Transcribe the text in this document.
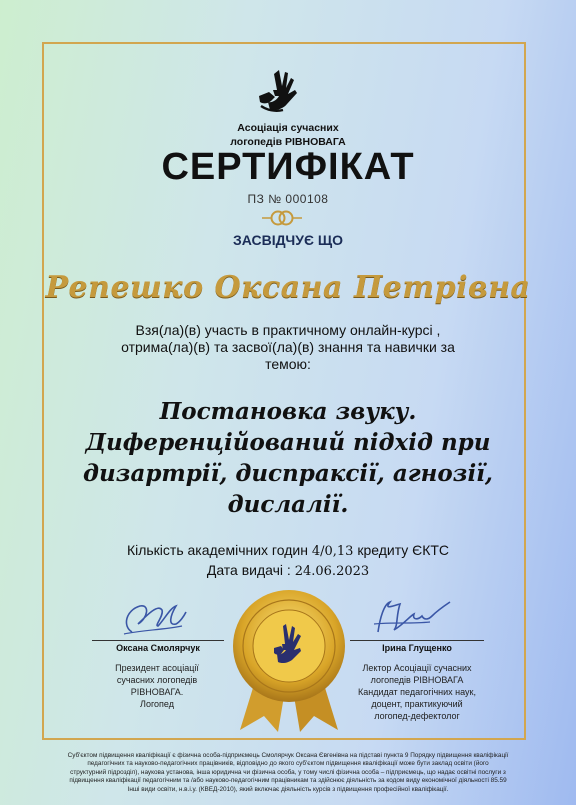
Асоціація сучасних
логопедів РІВНОВАГА
СЕРТИФІКАТ
ПЗ № 000108
ЗАСВІДЧУЄ ЩО
Репешко Оксана Петрівна
Взя(ла)(в) участь в практичному онлайн-курсі ,
отрима(ла)(в) та засвої(ла)(в) знання та навички за
темою:
Постановка звуку.
Диференційований підхід при
дизартрії, диспраксії, агнозії,
дислалії.
Кількість академічних годин 4/0,13 кредиту ЄКТС
Дата видачі : 24.06.2023
Оксана Смолярчук
Президент асоціації
сучасних логопедів
РІВНОВАГА.
Логопед
Ірина Глущенко
Лектор Асоціації сучасних
логопедів РІВНОВАГА
Кандидат педагогічних наук,
доцент, практикуючий
логопед-дефектолог
Суб'єктом підвищення кваліфікації є фізична особа-підприємець Смолярчук Оксана Євгенівна на підставі пункта 9 Порядку підвищення кваліфікації
педагогічних та науково-педагогічних працівників, відповідно до якого суб'єктом підвищення кваліфікації може бути заклад освіти (його
структурний підрозділ), наукова установа, інша юридична чи фізична особа, у тому числі фізична особа – підприємець, що надає освітні послуги з
підвищення кваліфікації педагогічним та /або науково-педагогічним працівникам та здійснює діяльність за кодом виду економічної діяльності 85.59
Інші види освіти, н.в.і.у. (КВЕД-2010), який включає діяльність курсів з підвищення професійної кваліфікації.
